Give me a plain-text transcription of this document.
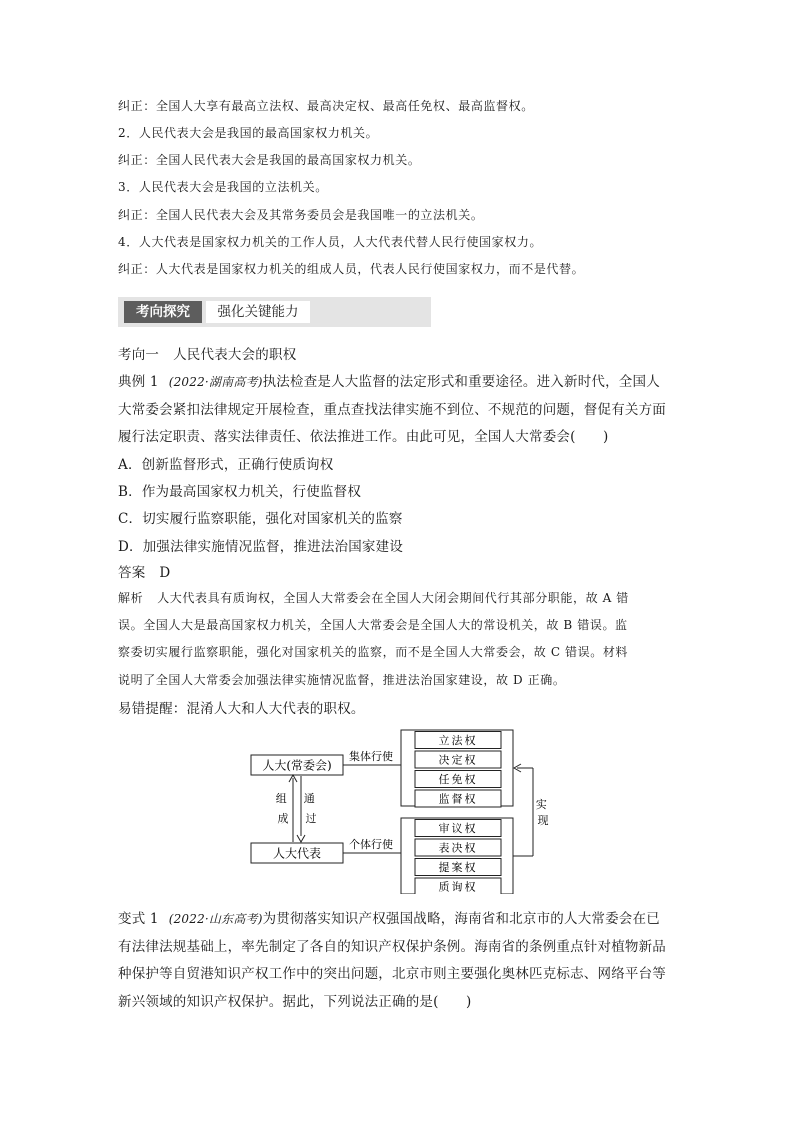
纠正：全国人大享有最高立法权、最高决定权、最高任免权、最高监督权。
2．人民代表大会是我国的最高国家权力机关。
纠正：全国人民代表大会是我国的最高国家权力机关。
3．人民代表大会是我国的立法机关。
纠正：全国人民代表大会及其常务委员会是我国唯一的立法机关。
4．人大代表是国家权力机关的工作人员，人大代表代替人民行使国家权力。
纠正：人大代表是国家权力机关的组成人员，代表人民行使国家权力，而不是代替。
考向探究	强化关键能力
考向一 人民代表大会的职权
典例 1 (2022·湖南高考)执法检查是人大监督的法定形式和重要途径。进入新时代，全国人
大常委会紧扣法律规定开展检查，重点查找法律实施不到位、不规范的问题，督促有关方面
履行法定职责、落实法律责任、依法推进工作。由此可见，全国人大常委会(　　)
A．创新监督形式，正确行使质询权
B．作为最高国家权力机关，行使监督权
C．切实履行监察职能，强化对国家机关的监察
D．加强法律实施情况监督，推进法治国家建设
答案 D
解析 人大代表具有质询权，全国人大常委会在全国人大闭会期间代行其部分职能，故 A 错
误。全国人大是最高国家权力机关，全国人大常委会是全国人大的常设机关，故 B 错误。监
察委切实履行监察职能，强化对国家机关的监察，而不是全国人大常委会，故 C 错误。材料
说明了全国人大常委会加强法律实施情况监督，推进法治国家建设，故 D 正确。
易错提醒：混淆人大和人大代表的职权。
人大(常委会)
人大代表
组 成
通 过
集体行使
个体行使
立法权
决定权
任免权
监督权
审议权
表决权
提案权
质询权
实 现
变式 1 (2022·山东高考)为贯彻落实知识产权强国战略，海南省和北京市的人大常委会在已
有法律法规基础上，率先制定了各自的知识产权保护条例。海南省的条例重点针对植物新品
种保护等自贸港知识产权工作中的突出问题，北京市则主要强化奥林匹克标志、网络平台等
新兴领域的知识产权保护。据此，下列说法正确的是(　　)
